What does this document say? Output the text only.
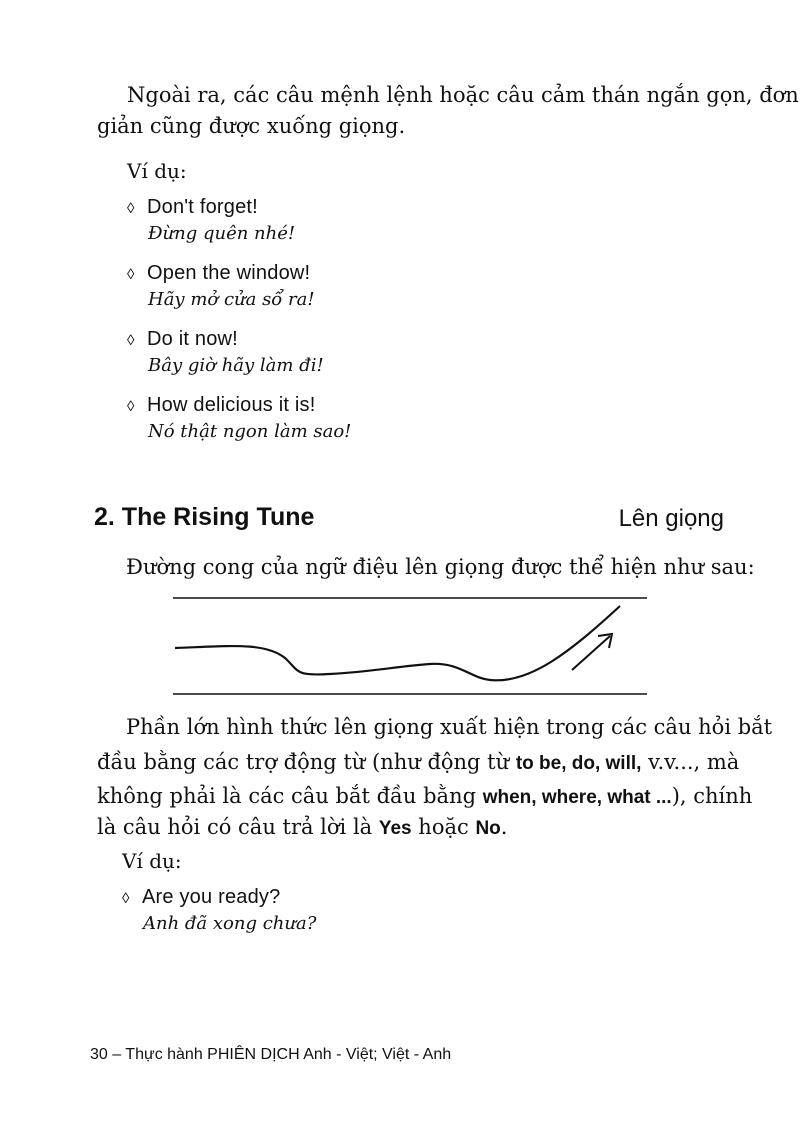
Ngoài ra, các câu mệnh lệnh hoặc câu cảm thán ngắn gọn, đơn
giản cũng được xuống giọng.
Ví dụ:
◊ Don't forget!
Đừng quên nhé!
◊ Open the window!
Hãy mở cửa sổ ra!
◊ Do it now!
Bây giờ hãy làm đi!
◊ How delicious it is!
Nó thật ngon làm sao!
2. The Rising Tune	Lên giọng
Đường cong của ngữ điệu lên giọng được thể hiện như sau:
Phần lớn hình thức lên giọng xuất hiện trong các câu hỏi bắt
đầu bằng các trợ động từ (như động từ to be, do, will, v.v..., mà
không phải là các câu bắt đầu bằng when, where, what ...), chính
là câu hỏi có câu trả lời là Yes hoặc No.
Ví dụ:
◊ Are you ready?
Anh đã xong chưa?
30 – Thực hành PHIÊN DỊCH Anh - Việt; Việt - Anh
